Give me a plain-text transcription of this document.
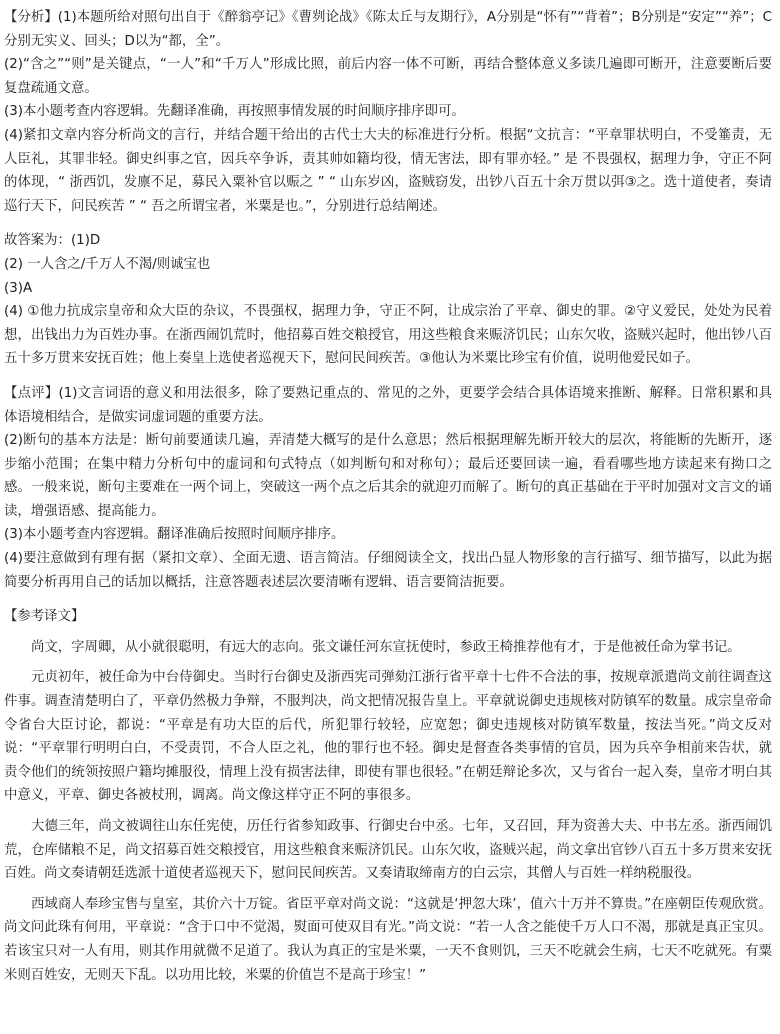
【分析】(1)本题所给对照句出自于《醉翁亭记》《曹刿论战》《陈太丘与友期行》，A分别是“怀有”“背着”；B分别是“安定”“养”；C分别无实义、回头；D以为“都，全”。

(2)“含之”“则”是关键点，“一人”和“千万人”形成比照，前后内容一体不可断，再结合整体意义多读几遍即可断开，注意要断后要复盘疏通文意。

(3)本小题考查内容逻辑。先翻译准确，再按照事情发展的时间顺序排序即可。

(4)紧扣文章内容分析尚文的言行，并结合题干给出的古代士大夫的标准进行分析。根据“文抗言：“平章罪状明白，不受箠责，无人臣礼，其罪非轻。御史纠事之官，因兵卒争诉，责其帅如籍均役，情无害法，即有罪亦轻。” 是 不畏强权，据理力争，守正不阿的体现，“ 浙西饥，发廪不足，募民入粟补官以赈之 ” “ 山东岁凶，盗贼窃发，出钞八百五十余万贯以弭③之。选十道使者，奏请巡行天下，问民疾苦 ” “ 吾之所谓宝者，米粟是也。”，分别进行总结阐述。

故答案为：(1)D

(2) 一人含之/千万人不渴/则诚宝也

(3)A

(4) ①他力抗成宗皇帝和众大臣的杂议，不畏强权，据理力争，守正不阿，让成宗治了平章、御史的罪。②守义爱民，处处为民着想，出钱出力为百姓办事。在浙西闹饥荒时，他招募百姓交粮授官，用这些粮食来赈济饥民；山东欠收，盗贼兴起时，他出钞八百五十多万贯来安抚百姓；他上奏皇上选使者巡视天下，慰问民间疾苦。③他认为米粟比珍宝有价值，说明他爱民如子。

【点评】(1)文言词语的意义和用法很多，除了要熟记重点的、常见的之外，更要学会结合具体语境来推断、解释。日常积累和具体语境相结合，是做实词虚词题的重要方法。

(2)断句的基本方法是：断句前要通读几遍，弄清楚大概写的是什么意思；然后根据理解先断开较大的层次，将能断的先断开，逐步缩小范围；在集中精力分析句中的虚词和句式特点（如判断句和对称句）；最后还要回读一遍，看看哪些地方读起来有拗口之感。一般来说，断句主要难在一两个词上，突破这一两个点之后其余的就迎刃而解了。断句的真正基础在于平时加强对文言文的诵读，增强语感、提高能力。

(3)本小题考查内容逻辑。翻译准确后按照时间顺序排序。

(4)要注意做到有理有据（紧扣文章）、全面无遗、语言简洁。仔细阅读全文，找出凸显人物形象的言行描写、细节描写，以此为据简要分析再用自己的话加以概括，注意答题表述层次要清晰有逻辑、语言要简洁扼要。

【参考译文】

尚文，字周卿，从小就很聪明，有远大的志向。张文谦任河东宣抚使时，参政王椅推荐他有才，于是他被任命为掌书记。

元贞初年，被任命为中台侍御史。当时行台御史及浙西宪司弹劾江浙行省平章十七件不合法的事，按规章派遣尚文前往调查这件事。调查清楚明白了，平章仍然极力争辩，不服判决，尚文把情况报告皇上。平章就说御史违规核对防镇军的数量。成宗皇帝命令省台大臣讨论，都说：“平章是有功大臣的后代，所犯罪行较轻，应宽恕；御史违规核对防镇军数量，按法当死。”尚文反对说：“平章罪行明明白白，不受责罚，不合人臣之礼，他的罪行也不轻。御史是督查各类事情的官员，因为兵卒争相前来告状，就责令他们的统领按照户籍均摊服役，情理上没有损害法律，即使有罪也很轻。”在朝廷辩论多次，又与省台一起入奏，皇帝才明白其中意义，平章、御史各被杖刑，调离。尚文像这样守正不阿的事很多。

大德三年，尚文被调往山东任宪使，历任行省参知政事、行御史台中丞。七年，又召回，拜为资善大夫、中书左丞。浙西闹饥荒，仓库储粮不足，尚文招募百姓交粮授官，用这些粮食来赈济饥民。山东欠收，盗贼兴起，尚文拿出官钞八百五十多万贯来安抚百姓。尚文奏请朝廷选派十道使者巡视天下，慰问民间疾苦。又奏请取缔南方的白云宗，其僧人与百姓一样纳税服役。

西域商人奉珍宝售与皇室，其价六十万锭。省臣平章对尚文说：“这就是‘押忽大珠’，值六十万并不算贵。”在座朝臣传观欣赏。尚文问此珠有何用，平章说：“含于口中不觉渴，熨面可使双目有光。”尚文说：“若一人含之能使千万人口不渴，那就是真正宝贝。若该宝只对一人有用，则其作用就微不足道了。我认为真正的宝是米粟，一天不食则饥，三天不吃就会生病，七天不吃就死。有粟米则百姓安，无则天下乱。以功用比较，米粟的价值岂不是高于珍宝！”
